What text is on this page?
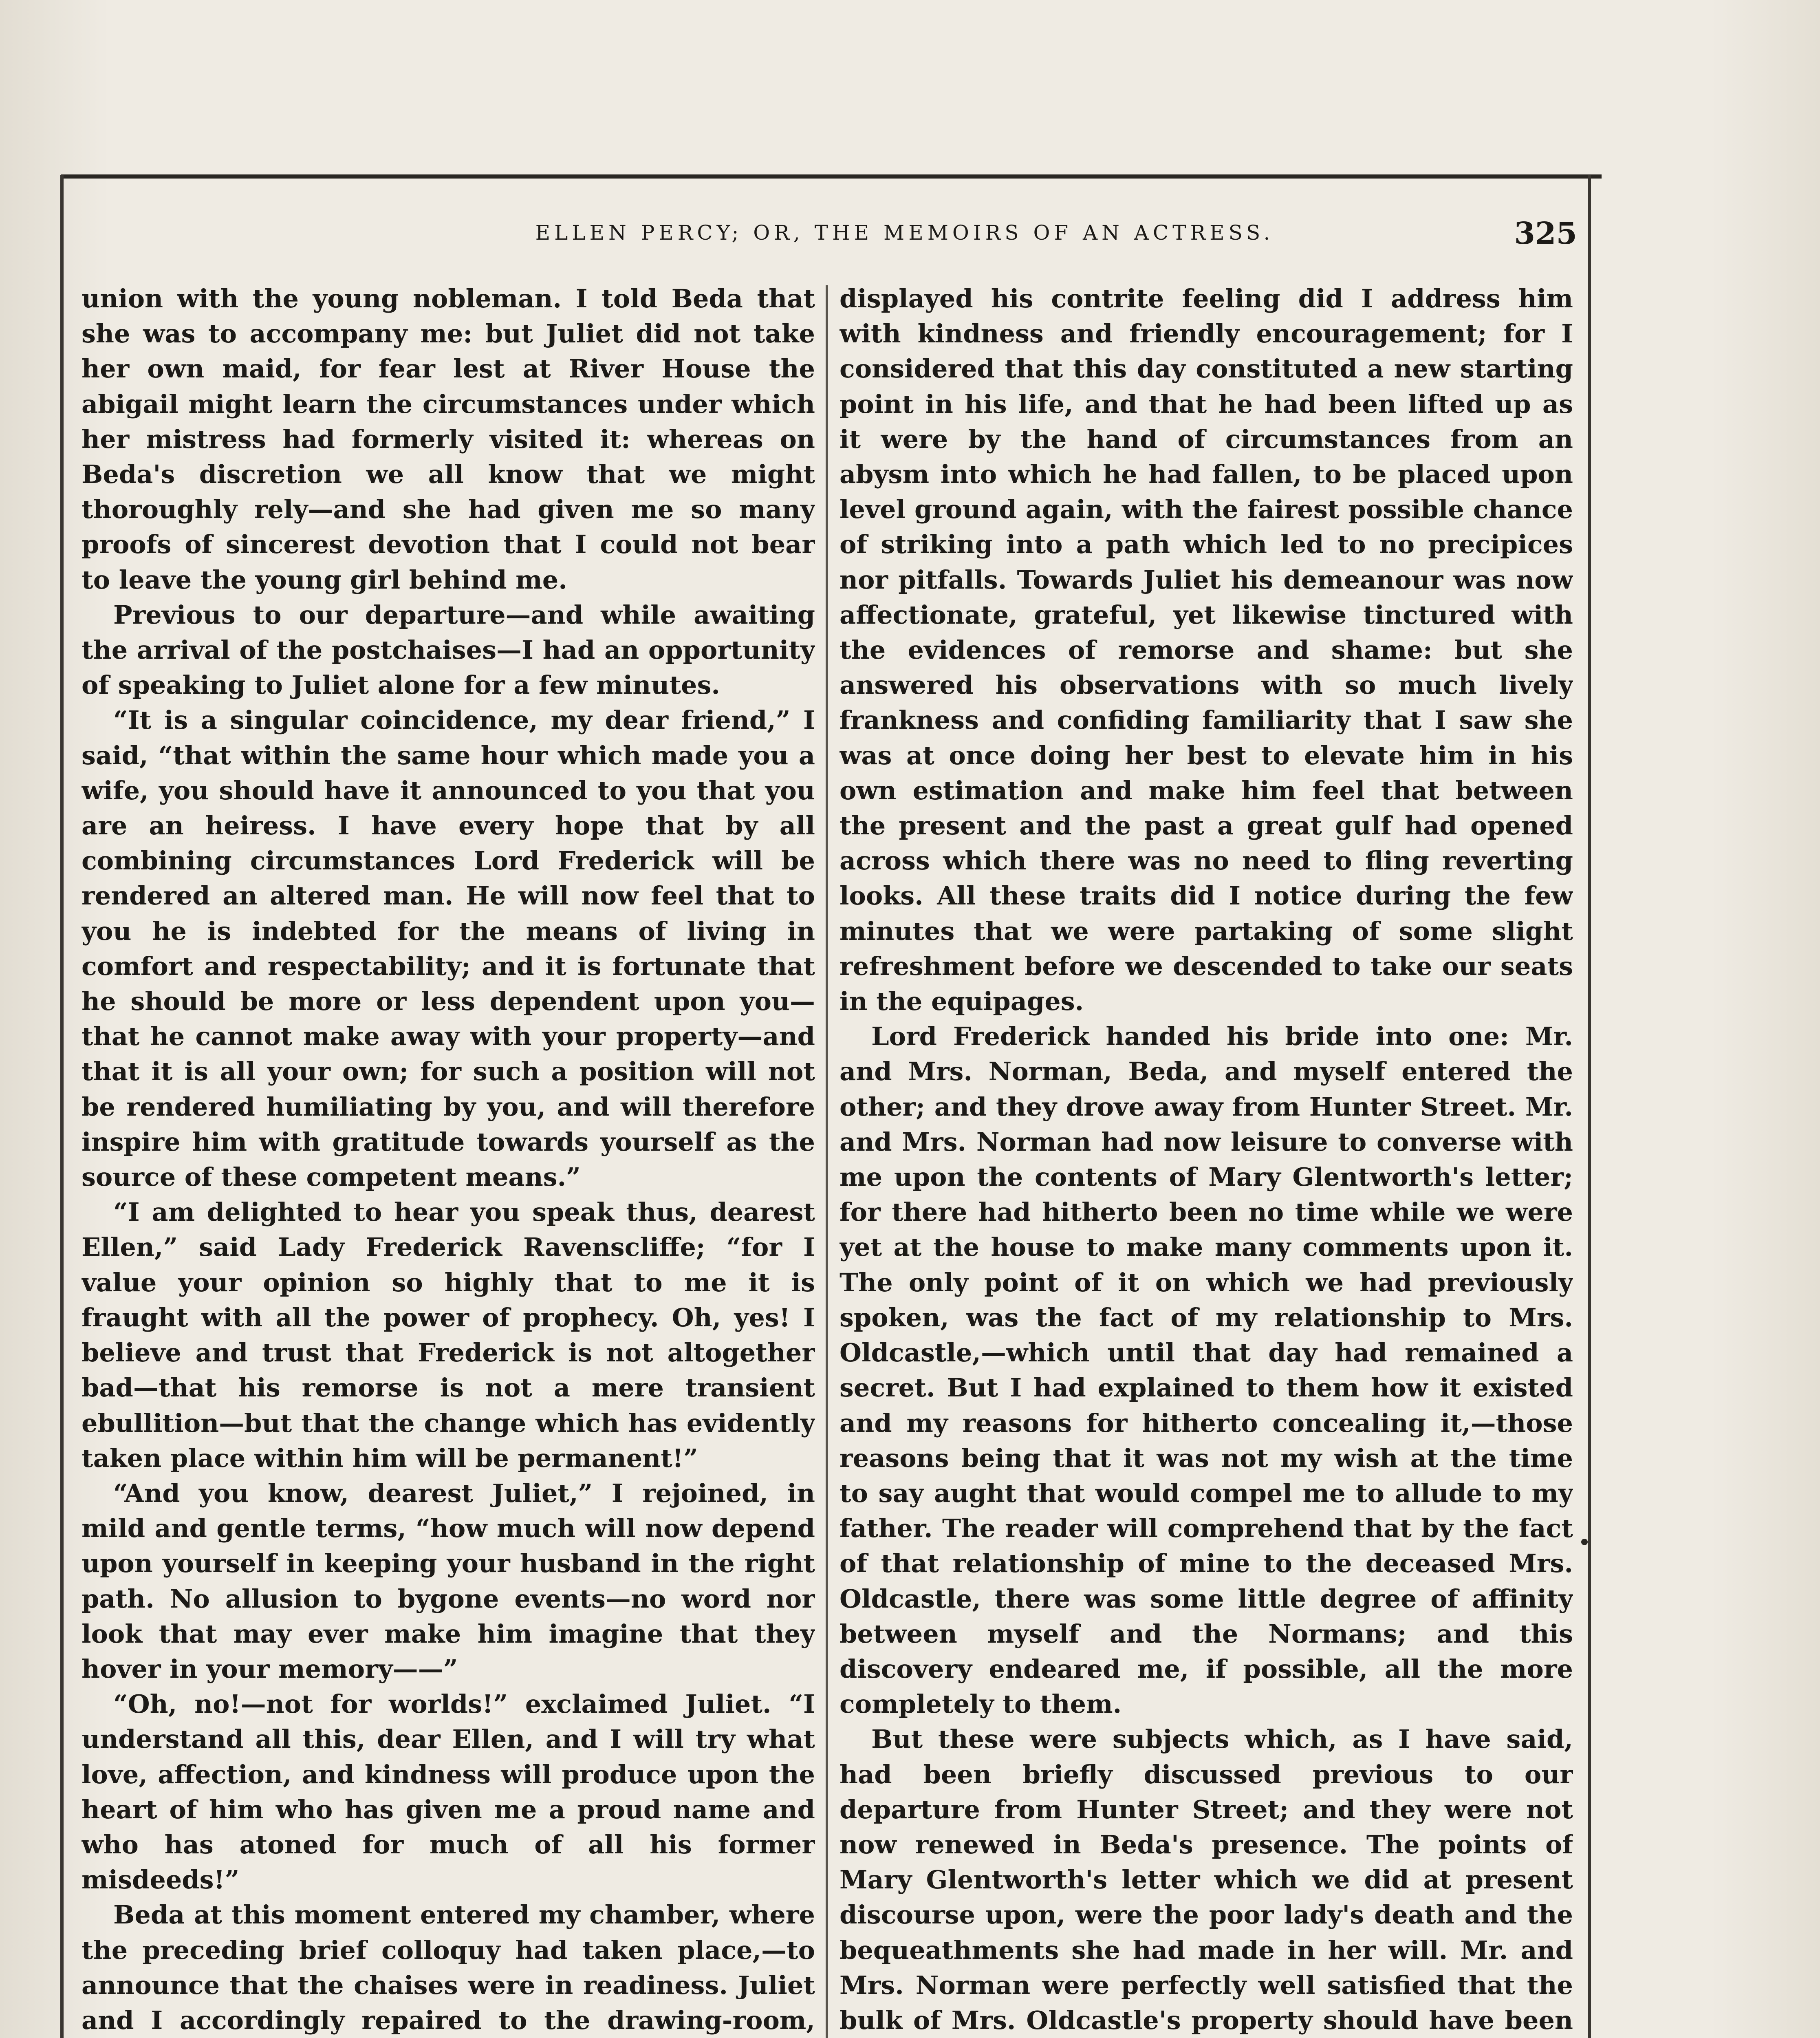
ELLEN PERCY; OR, THE MEMOIRS OF AN ACTRESS.	325

union with the young nobleman. I told Beda that she was to accompany me: but Juliet did not take her own maid, for fear lest at River House the abigail might learn the circumstances under which her mistress had formerly visited it: whereas on Beda's discretion we all know that we might thoroughly rely—and she had given me so many proofs of sincerest devotion that I could not bear to leave the young girl behind me.

Previous to our departure—and while awaiting the arrival of the postchaises—I had an opportunity of speaking to Juliet alone for a few minutes.

“It is a singular coincidence, my dear friend,” I said, “that within the same hour which made you a wife, you should have it announced to you that you are an heiress. I have every hope that by all combining circumstances Lord Frederick will be rendered an altered man. He will now feel that to you he is indebted for the means of living in comfort and respectability; and it is fortunate that he should be more or less dependent upon you—that he cannot make away with your property—and that it is all your own; for such a position will not be rendered humiliating by you, and will therefore inspire him with gratitude towards yourself as the source of these competent means.”

“I am delighted to hear you speak thus, dearest Ellen,” said Lady Frederick Ravenscliffe; “for I value your opinion so highly that to me it is fraught with all the power of prophecy. Oh, yes! I believe and trust that Frederick is not altogether bad—that his remorse is not a mere transient ebullition—but that the change which has evidently taken place within him will be permanent!”

“And you know, dearest Juliet,” I rejoined, in mild and gentle terms, “how much will now depend upon yourself in keeping your husband in the right path. No allusion to bygone events—no word nor look that may ever make him imagine that they hover in your memory——”

“Oh, no!—not for worlds!” exclaimed Juliet. “I understand all this, dear Ellen, and I will try what love, affection, and kindness will produce upon the heart of him who has given me a proud name and who has atoned for much of all his former misdeeds!”

Beda at this moment entered my chamber, where the preceding brief colloquy had taken place,—to announce that the chaises were in readiness. Juliet and I accordingly repaired to the drawing-room,

displayed his contrite feeling did I address him with kindness and friendly encouragement; for I considered that this day constituted a new starting point in his life, and that he had been lifted up as it were by the hand of circumstances from an abysm into which he had fallen, to be placed upon level ground again, with the fairest possible chance of striking into a path which led to no precipices nor pitfalls. Towards Juliet his demeanour was now affectionate, grateful, yet likewise tinctured with the evidences of remorse and shame: but she answered his observations with so much lively frankness and confiding familiarity that I saw she was at once doing her best to elevate him in his own estimation and make him feel that between the present and the past a great gulf had opened across which there was no need to fling reverting looks. All these traits did I notice during the few minutes that we were partaking of some slight refreshment before we descended to take our seats in the equipages.

Lord Frederick handed his bride into one: Mr. and Mrs. Norman, Beda, and myself entered the other; and they drove away from Hunter Street. Mr. and Mrs. Norman had now leisure to converse with me upon the contents of Mary Glentworth's letter; for there had hitherto been no time while we were yet at the house to make many comments upon it. The only point of it on which we had previously spoken, was the fact of my relationship to Mrs. Oldcastle,—which until that day had remained a secret. But I had explained to them how it existed and my reasons for hitherto concealing it,—those reasons being that it was not my wish at the time to say aught that would compel me to allude to my father. The reader will comprehend that by the fact of that relationship of mine to the deceased Mrs. Oldcastle, there was some little degree of affinity between myself and the Normans; and this discovery endeared me, if possible, all the more completely to them.

But these were subjects which, as I have said, had been briefly discussed previous to our departure from Hunter Street; and they were not now renewed in Beda's presence. The points of Mary Glentworth's letter which we did at present discourse upon, were the poor lady's death and the bequeathments she had made in her will. Mr. and Mrs. Norman were perfectly well satisfied that the bulk of Mrs. Oldcastle's property should have been
